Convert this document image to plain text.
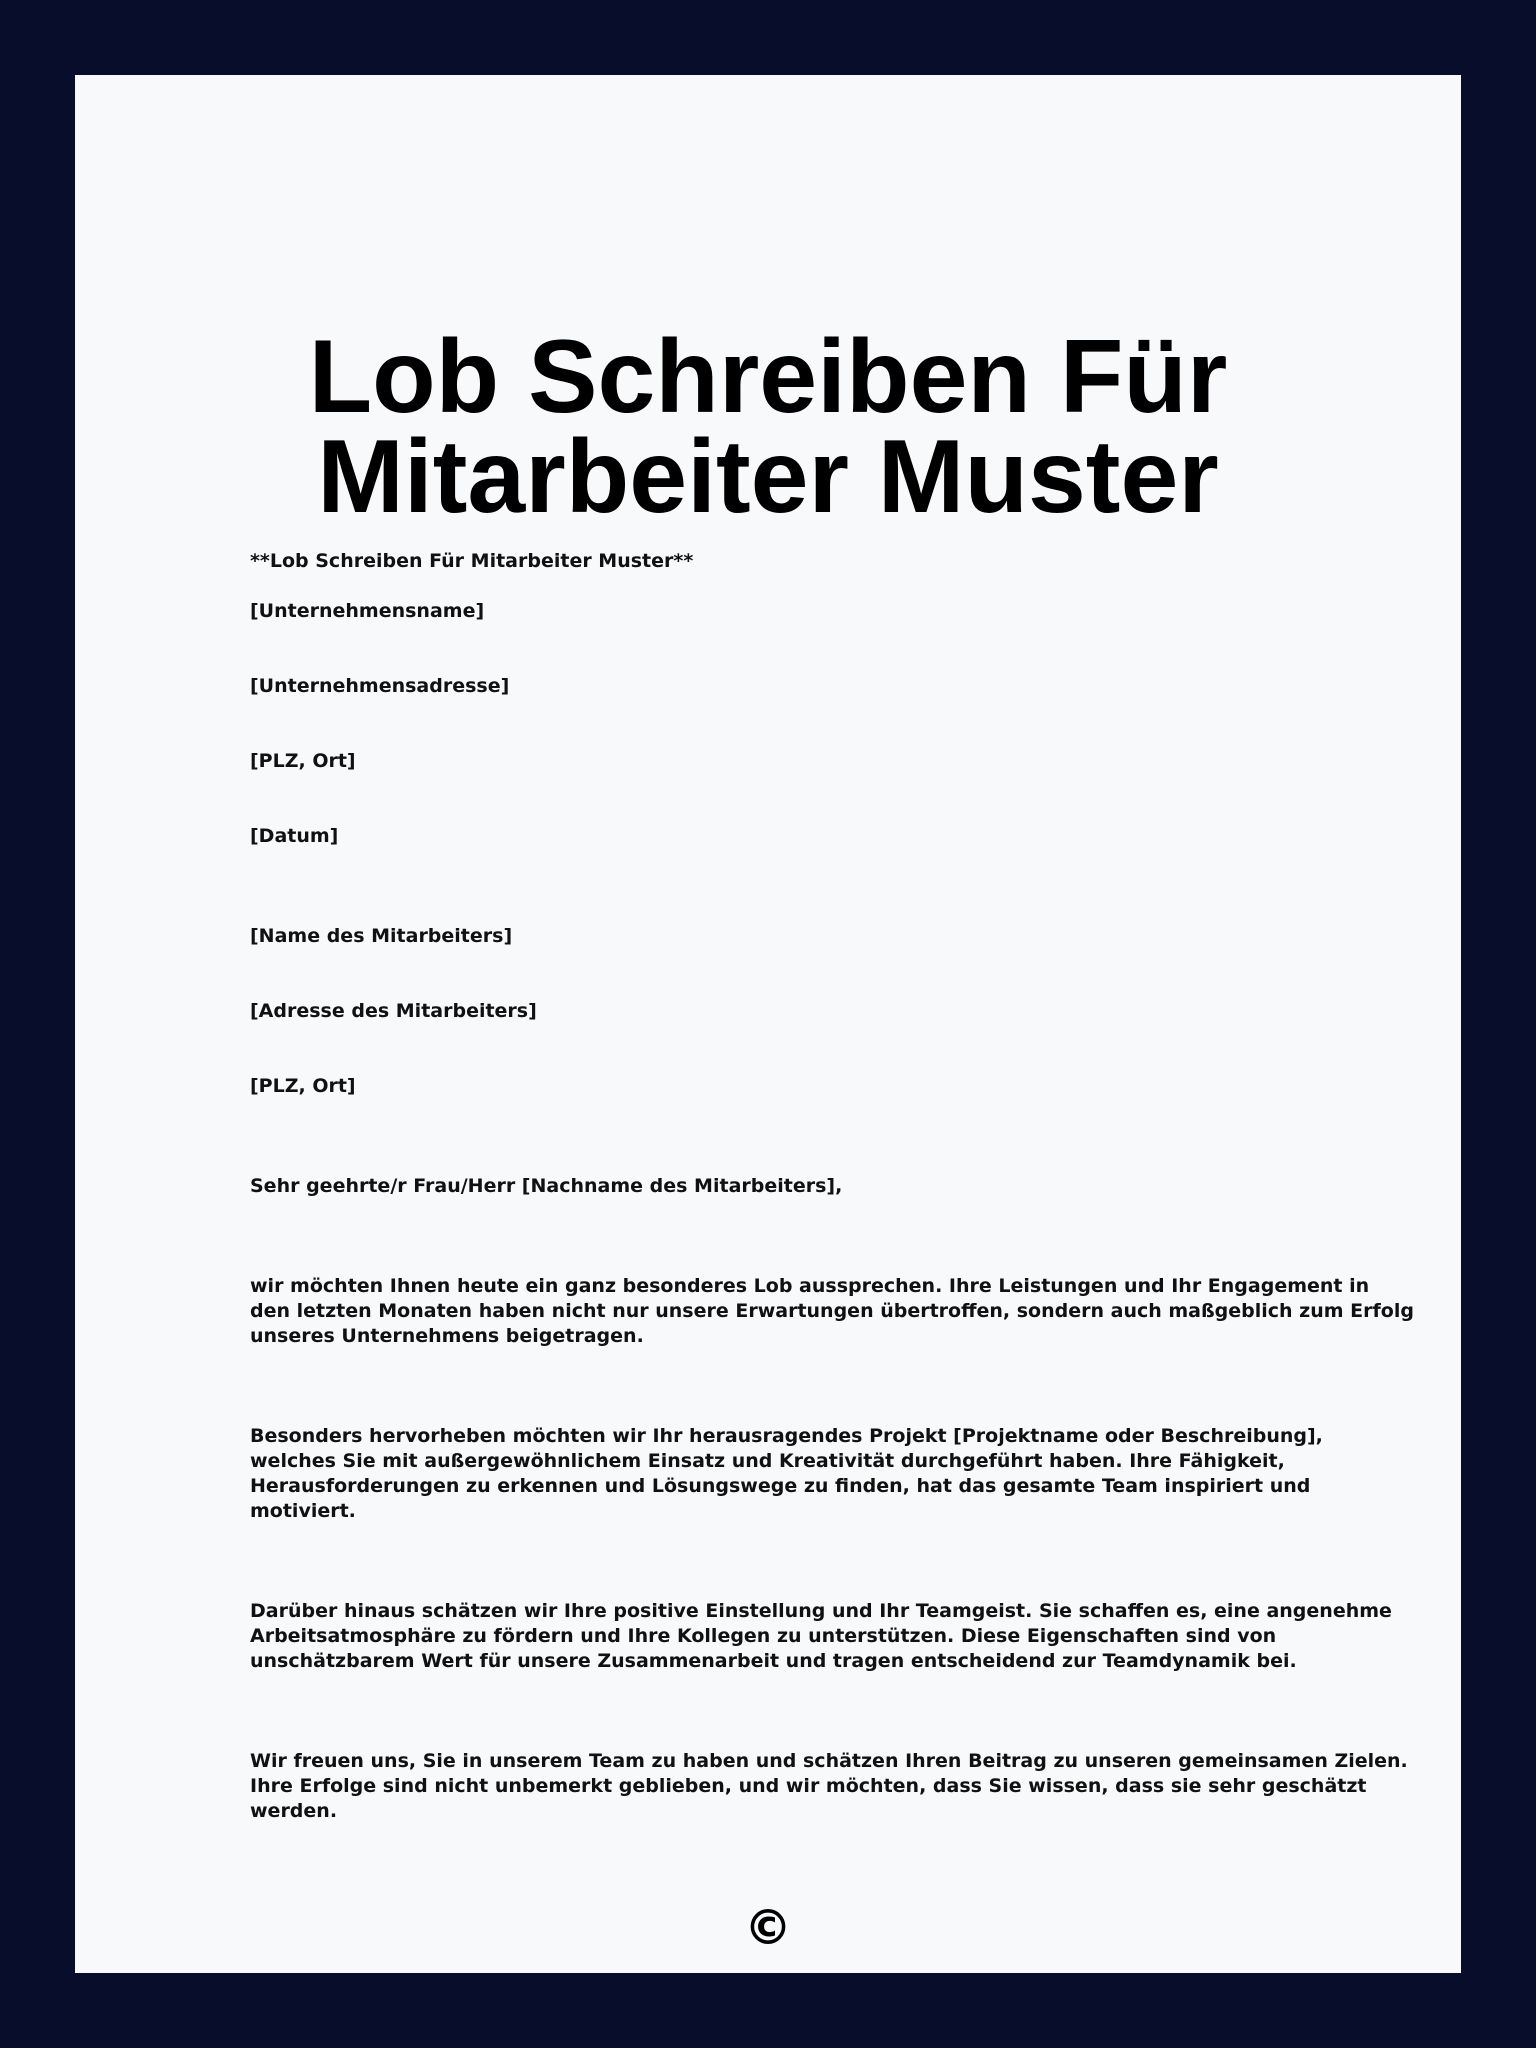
Lob Schreiben Für
Mitarbeiter Muster
**Lob Schreiben Für Mitarbeiter Muster**
[Unternehmensname]
[Unternehmensadresse]
[PLZ, Ort]
[Datum]
[Name des Mitarbeiters]
[Adresse des Mitarbeiters]
[PLZ, Ort]
Sehr geehrte/r Frau/Herr [Nachname des Mitarbeiters],
wir möchten Ihnen heute ein ganz besonderes Lob aussprechen. Ihre Leistungen und Ihr Engagement in
den letzten Monaten haben nicht nur unsere Erwartungen übertroffen, sondern auch maßgeblich zum Erfolg
unseres Unternehmens beigetragen.
Besonders hervorheben möchten wir Ihr herausragendes Projekt [Projektname oder Beschreibung],
welches Sie mit außergewöhnlichem Einsatz und Kreativität durchgeführt haben. Ihre Fähigkeit,
Herausforderungen zu erkennen und Lösungswege zu finden, hat das gesamte Team inspiriert und
motiviert.
Darüber hinaus schätzen wir Ihre positive Einstellung und Ihr Teamgeist. Sie schaffen es, eine angenehme
Arbeitsatmosphäre zu fördern und Ihre Kollegen zu unterstützen. Diese Eigenschaften sind von
unschätzbarem Wert für unsere Zusammenarbeit und tragen entscheidend zur Teamdynamik bei.
Wir freuen uns, Sie in unserem Team zu haben und schätzen Ihren Beitrag zu unseren gemeinsamen Zielen.
Ihre Erfolge sind nicht unbemerkt geblieben, und wir möchten, dass Sie wissen, dass sie sehr geschätzt
werden.
©
